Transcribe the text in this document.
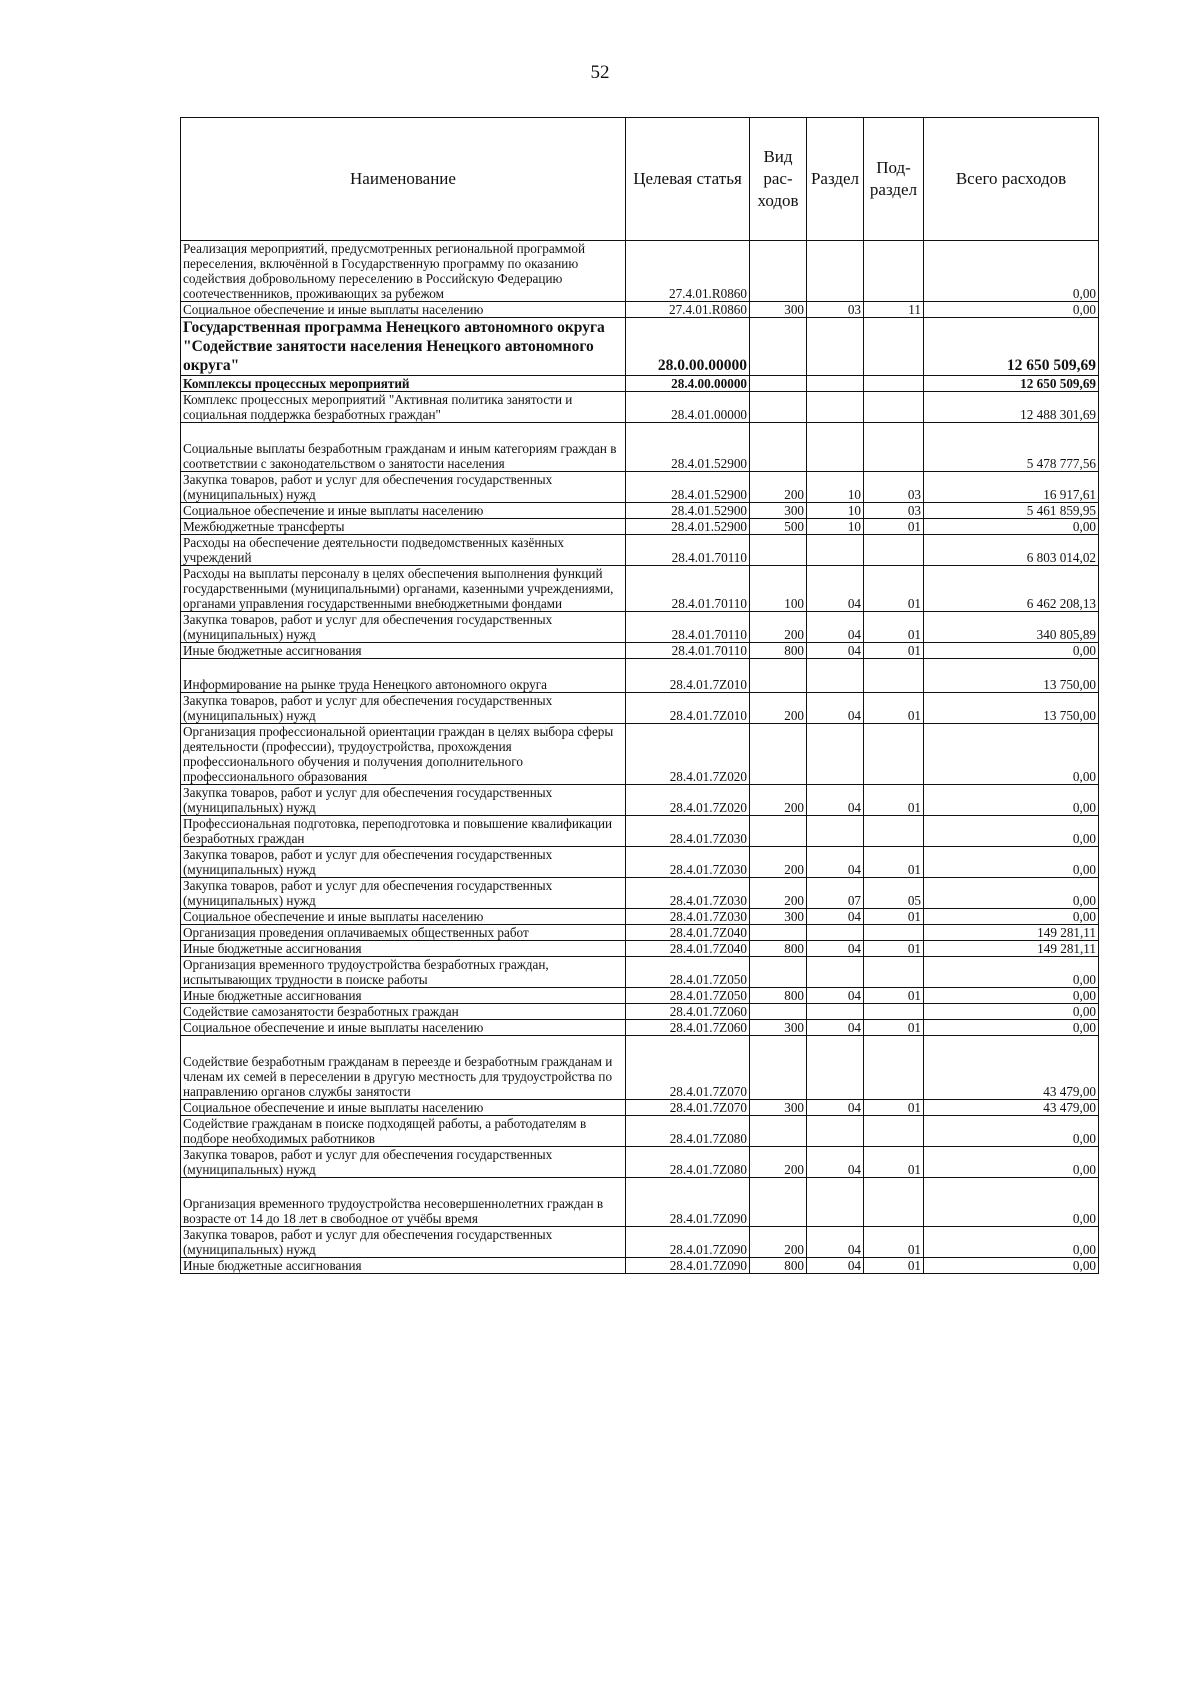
52
Наименование	Целевая статья	Вид рас-ходов	Раздел	Под-раздел	Всего расходов
Реализация мероприятий, предусмотренных региональной программой переселения, включённой в Государственную программу по оказанию содействия добровольному переселению в Российскую Федерацию соотечественников, проживающих за рубежом	27.4.01.R0860				0,00
Социальное обеспечение и иные выплаты населению	27.4.01.R0860	300	03	11	0,00
Государственная программа Ненецкого автономного округа "Содействие занятости населения Ненецкого автономного округа"	28.0.00.00000				12 650 509,69
Комплексы процессных мероприятий	28.4.00.00000				12 650 509,69
Комплекс процессных мероприятий "Активная политика занятости и социальная поддержка безработных граждан"	28.4.01.00000				12 488 301,69
Социальные выплаты безработным гражданам и иным категориям граждан в соответствии с законодательством о занятости населения	28.4.01.52900				5 478 777,56
Закупка товаров, работ и услуг для обеспечения государственных (муниципальных) нужд	28.4.01.52900	200	10	03	16 917,61
Социальное обеспечение и иные выплаты населению	28.4.01.52900	300	10	03	5 461 859,95
Межбюджетные трансферты	28.4.01.52900	500	10	01	0,00
Расходы на обеспечение деятельности подведомственных казённых учреждений	28.4.01.70110				6 803 014,02
Расходы на выплаты персоналу в целях обеспечения выполнения функций государственными (муниципальными) органами, казенными учреждениями, органами управления государственными внебюджетными фондами	28.4.01.70110	100	04	01	6 462 208,13
Закупка товаров, работ и услуг для обеспечения государственных (муниципальных) нужд	28.4.01.70110	200	04	01	340 805,89
Иные бюджетные ассигнования	28.4.01.70110	800	04	01	0,00
Информирование на рынке труда Ненецкого автономного округа	28.4.01.7Z010				13 750,00
Закупка товаров, работ и услуг для обеспечения государственных (муниципальных) нужд	28.4.01.7Z010	200	04	01	13 750,00
Организация профессиональной ориентации граждан в целях выбора сферы деятельности (профессии), трудоустройства, прохождения профессионального обучения и получения дополнительного профессионального образования	28.4.01.7Z020				0,00
Закупка товаров, работ и услуг для обеспечения государственных (муниципальных) нужд	28.4.01.7Z020	200	04	01	0,00
Профессиональная подготовка, переподготовка и повышение квалификации безработных граждан	28.4.01.7Z030				0,00
Закупка товаров, работ и услуг для обеспечения государственных (муниципальных) нужд	28.4.01.7Z030	200	04	01	0,00
Закупка товаров, работ и услуг для обеспечения государственных (муниципальных) нужд	28.4.01.7Z030	200	07	05	0,00
Социальное обеспечение и иные выплаты населению	28.4.01.7Z030	300	04	01	0,00
Организация проведения оплачиваемых общественных работ	28.4.01.7Z040				149 281,11
Иные бюджетные ассигнования	28.4.01.7Z040	800	04	01	149 281,11
Организация временного трудоустройства безработных граждан, испытывающих трудности в поиске работы	28.4.01.7Z050				0,00
Иные бюджетные ассигнования	28.4.01.7Z050	800	04	01	0,00
Содействие самозанятости безработных граждан	28.4.01.7Z060				0,00
Социальное обеспечение и иные выплаты населению	28.4.01.7Z060	300	04	01	0,00
Содействие безработным гражданам в переезде и безработным гражданам и членам их семей в переселении в другую местность для трудоустройства по направлению органов службы занятости	28.4.01.7Z070				43 479,00
Социальное обеспечение и иные выплаты населению	28.4.01.7Z070	300	04	01	43 479,00
Содействие гражданам в поиске подходящей работы, а работодателям в подборе необходимых работников	28.4.01.7Z080				0,00
Закупка товаров, работ и услуг для обеспечения государственных (муниципальных) нужд	28.4.01.7Z080	200	04	01	0,00
Организация временного трудоустройства несовершеннолетних граждан в возрасте от 14 до 18 лет в свободное от учёбы время	28.4.01.7Z090				0,00
Закупка товаров, работ и услуг для обеспечения государственных (муниципальных) нужд	28.4.01.7Z090	200	04	01	0,00
Иные бюджетные ассигнования	28.4.01.7Z090	800	04	01	0,00
